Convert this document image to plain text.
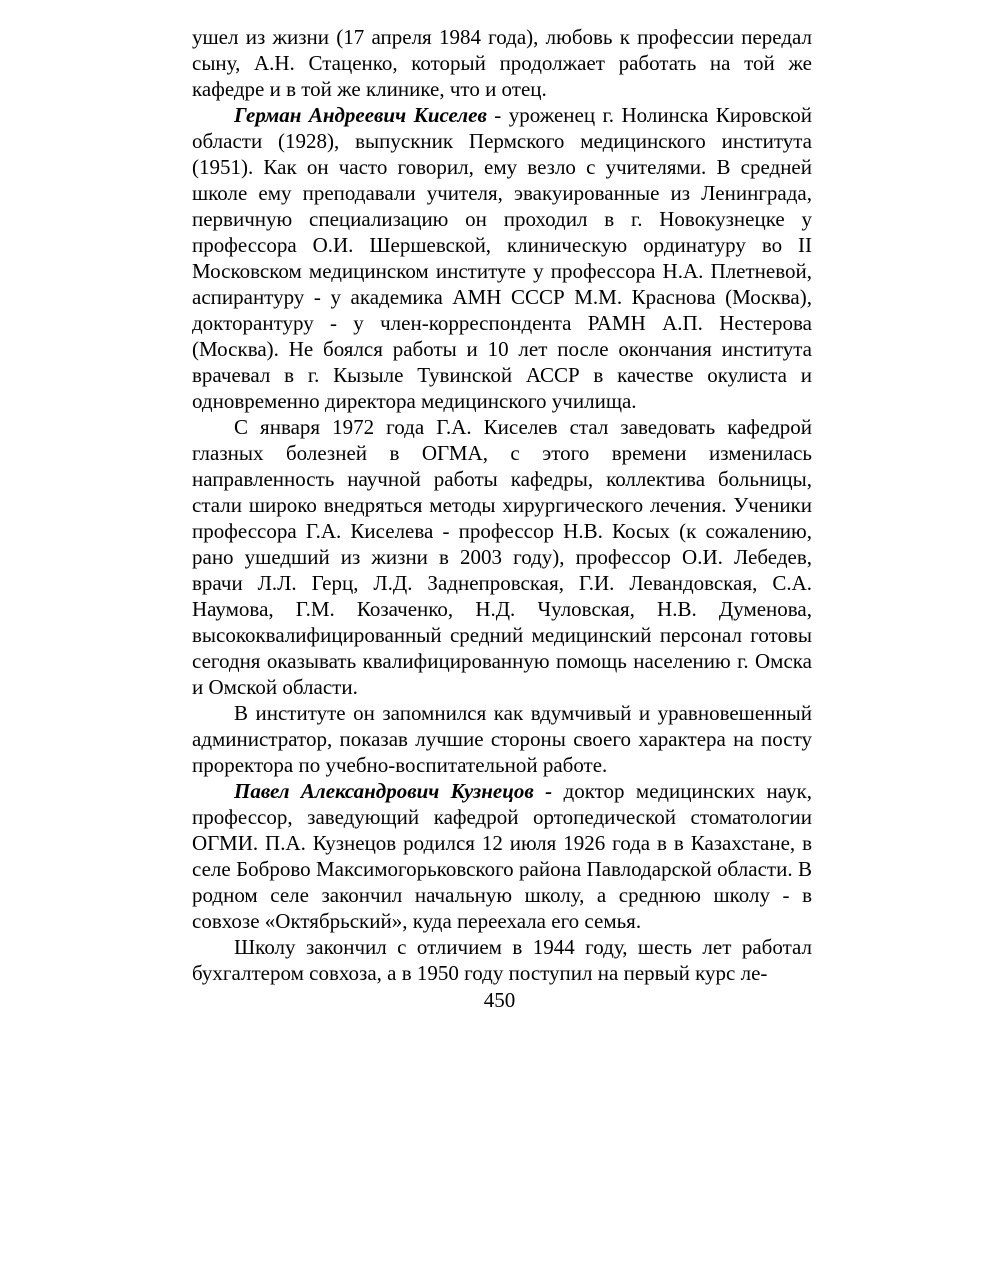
ушел из жизни (17 апреля 1984 года), любовь к профессии передал сыну, А.Н. Стаценко, который продолжает работать на той же кафедре и в той же клинике, что и отец.

Герман Андреевич Киселев - уроженец г. Нолинска Кировской области (1928), выпускник Пермского медицинского института (1951). Как он часто говорил, ему везло с учителями. В средней школе ему преподавали учителя, эвакуированные из Ленинграда, первичную специализацию он проходил в г. Новокузнецке у профессора О.И. Шершевской, клиническую ординатуру во II Московском медицинском институте у профессора Н.А. Плетневой, аспирантуру - у академика АМН СССР М.М. Краснова (Москва), докторантуру - у член-корреспондента РАМН А.П. Нестерова (Москва). Не боялся работы и 10 лет после окончания института врачевал в г. Кызыле Тувинской АССР в качестве окулиста и одновременно директора медицинского училища.

С января 1972 года Г.А. Киселев стал заведовать кафедрой глазных болезней в ОГМА, с этого времени изменилась направленность научной работы кафедры, коллектива больницы, стали широко внедряться методы хирургического лечения. Ученики профессора Г.А. Киселева - профессор Н.В. Косых (к сожалению, рано ушедший из жизни в 2003 году), профессор О.И. Лебедев, врачи Л.Л. Герц, Л.Д. Заднепровская, Г.И. Левандовская, С.А. Наумова, Г.М. Козаченко, Н.Д. Чуловская, Н.В. Думенова, высококвалифицированный средний медицинский персонал готовы сегодня оказывать квалифицированную помощь населению г. Омска и Омской области.

В институте он запомнился как вдумчивый и уравновешенный администратор, показав лучшие стороны своего характера на посту проректора по учебно-воспитательной работе.

Павел Александрович Кузнецов - доктор медицинских наук, профессор, заведующий кафедрой ортопедической стоматологии ОГМИ. П.А. Кузнецов родился 12 июля 1926 года в в Казахстане, в селе Боброво Максимогорьковского района Павлодарской области. В родном селе закончил начальную школу, а среднюю школу - в совхозе «Октябрьский», куда переехала его семья.

Школу закончил с отличием в 1944 году, шесть лет работал бухгалтером совхоза, а в 1950 году поступил на первый курс ле-

450
